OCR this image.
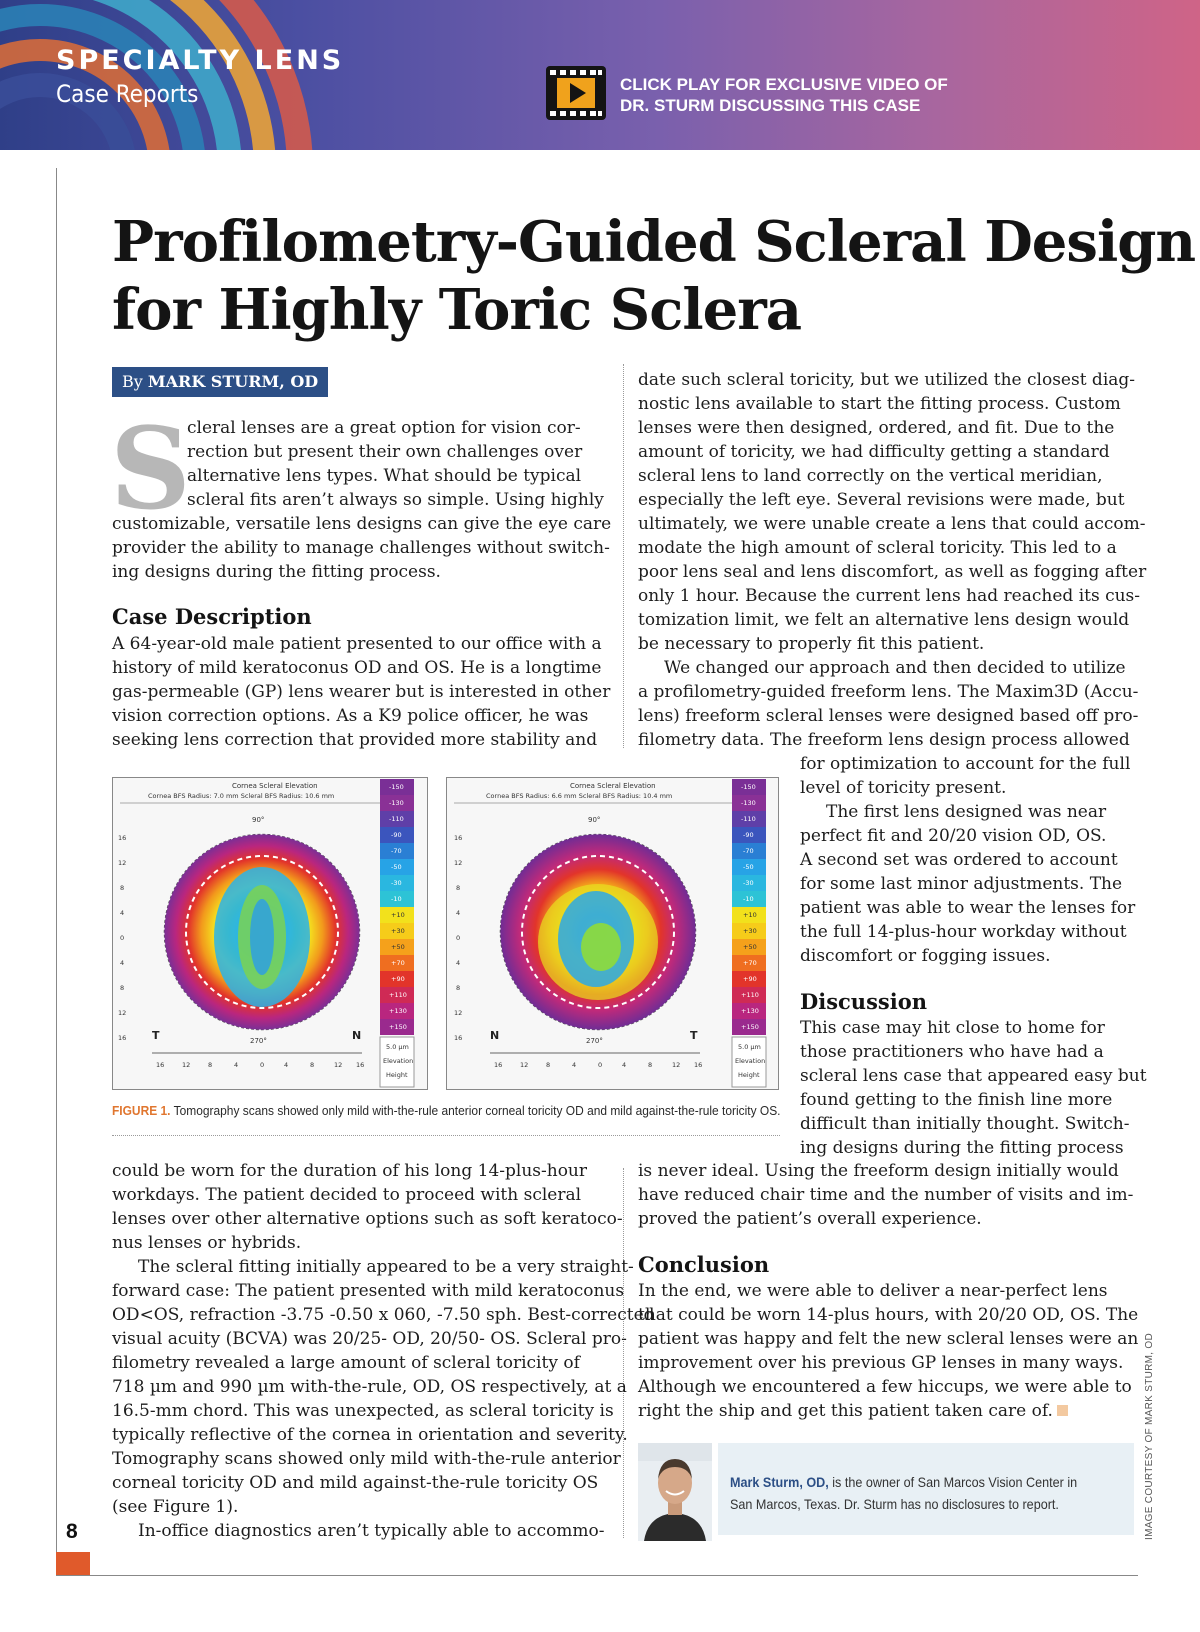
SPECIALTY LENS
Case Reports	CLICK PLAY FOR EXCLUSIVE VIDEO OF
DR. STURM DISCUSSING THIS CASE
8	IMAGE COURTESY OF MARK STURM, OD
Profilometry-Guided Scleral Design
for Highly Toric Sclera
By MARK STURM, OD
S
cleral lenses are a great option for vision cor-
rection but present their own challenges over
alternative lens types. What should be typical
scleral fits aren’t always so simple. Using highly
customizable, versatile lens designs can give the eye care
provider the ability to manage challenges without switch-
ing designs during the fitting process.
Case Description
A 64-year-old male patient presented to our office with a
history of mild keratoconus OD and OS. He is a longtime
gas-permeable (GP) lens wearer but is interested in other
vision correction options. As a K9 police officer, he was
seeking lens correction that provided more stability and
date such scleral toricity, but we utilized the closest diag-
nostic lens available to start the fitting process. Custom
lenses were then designed, ordered, and fit. Due to the
amount of toricity, we had difficulty getting a standard
scleral lens to land correctly on the vertical meridian,
especially the left eye. Several revisions were made, but
ultimately, we were unable create a lens that could accom-
modate the high amount of scleral toricity. This led to a
poor lens seal and lens discomfort, as well as fogging after
only 1 hour. Because the current lens had reached its cus-
tomization limit, we felt an alternative lens design would
be necessary to properly fit this patient.
We changed our approach and then decided to utilize
a profilometry-guided freeform lens. The Maxim3D (Accu-
lens) freeform scleral lenses were designed based off pro-
filometry data. The freeform lens design process allowed
for optimization to account for the full
level of toricity present.
The first lens designed was near
perfect fit and 20/20 vision OD, OS.
A second set was ordered to account
for some last minor adjustments. The
patient was able to wear the lenses for
the full 14-plus-hour workday without
discomfort or fogging issues.
Discussion
This case may hit close to home for
those practitioners who have had a
scleral lens case that appeared easy but
found getting to the finish line more
difficult than initially thought. Switch-
ing designs during the fitting process
Cornea Scleral Elevation
Cornea BFS Radius: 7.0 mm Scleral BFS Radius: 10.6 mm
90°
T	N
270°
16	12	8	4	0	4	8	12 16
16
12
8
4
0
4
8
12
16
-150
-130
-110
-90
-70
-50
-30
-10
+10
+30
+50
+70
+90
+110
+130
+150
5.0 µm
Elevation
Height
Cornea Scleral Elevation
Cornea BFS Radius: 6.6 mm Scleral BFS Radius: 10.4 mm
90°
N	T
270°
16	12	8	4	0	4	8	12 16
16
12
8
4
0
4
8
12
16
-150
-130
-110
-90
-70
-50
-30
-10
+10
+30
+50
+70
+90
+110
+130
+150
5.0 µm
Elevation
Height
FIGURE 1. Tomography scans showed only mild with-the-rule anterior corneal toricity OD and mild against-the-rule toricity OS.
could be worn for the duration of his long 14-plus-hour
workdays. The patient decided to proceed with scleral
lenses over other alternative options such as soft keratoco-
nus lenses or hybrids.
The scleral fitting initially appeared to be a very straight-
forward case: The patient presented with mild keratoconus
OD<OS, refraction -3.75 -0.50 x 060, -7.50 sph. Best-corrected
visual acuity (BCVA) was 20/25- OD, 20/50- OS. Scleral pro-
filometry revealed a large amount of scleral toricity of
718 µm and 990 µm with-the-rule, OD, OS respectively, at a
16.5-mm chord. This was unexpected, as scleral toricity is
typically reflective of the cornea in orientation and severity.
Tomography scans showed only mild with-the-rule anterior
corneal toricity OD and mild against-the-rule toricity OS
(see Figure 1).
In-office diagnostics aren’t typically able to accommo-
is never ideal. Using the freeform design initially would
have reduced chair time and the number of visits and im-
proved the patient’s overall experience.
Conclusion
In the end, we were able to deliver a near-perfect lens
that could be worn 14-plus hours, with 20/20 OD, OS. The
patient was happy and felt the new scleral lenses were an
improvement over his previous GP lenses in many ways.
Although we encountered a few hiccups, we were able to
right the ship and get this patient taken care of.
Mark Sturm, OD, is the owner of San Marcos Vision Center in
San Marcos, Texas. Dr. Sturm has no disclosures to report.
